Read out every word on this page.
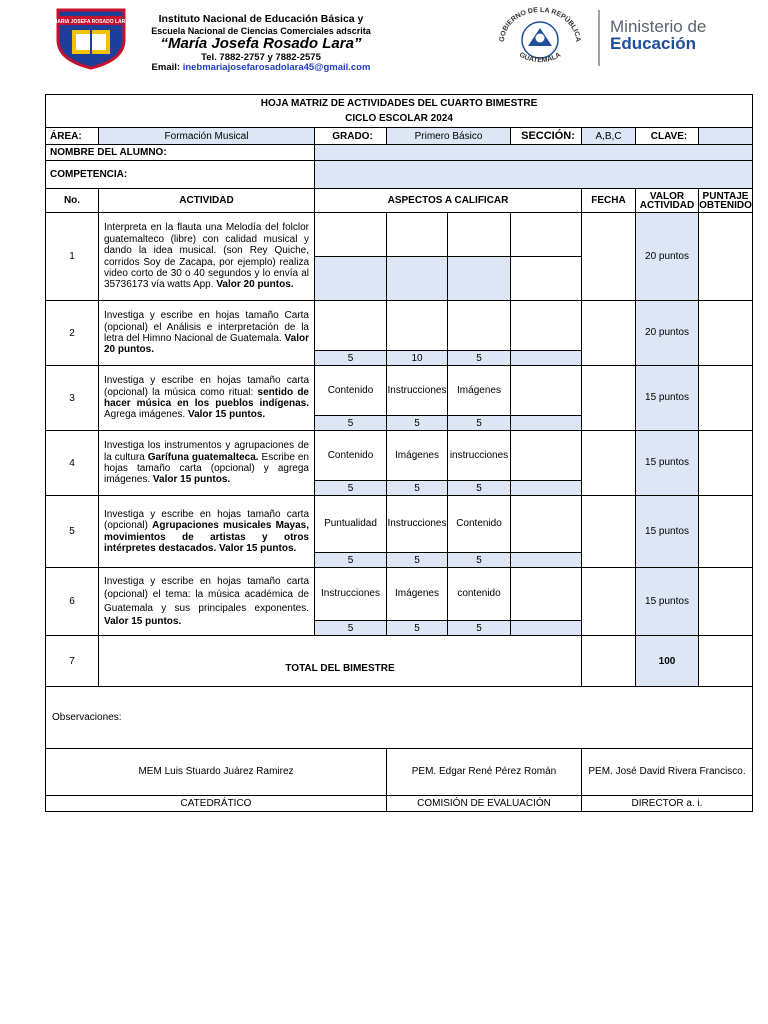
MARIA JOSEFA ROSADO LARA	Instituto Nacional de Educación Básica y
Escuela Nacional de Ciencias Comerciales adscrita
“María Josefa Rosado Lara”
Tel. 7882-2757 y 7882-2575
Email: inebmariajosefarosadolara45@gmail.com
GOBIERNO DE LA REPÚBLICA
GUATEMALA
Ministerio de
Educación
HOJA MATRIZ DE ACTIVIDADES DEL CUARTO BIMESTRE
CICLO ESCOLAR 2024								

ÁREA:	Formación Musical	GRADO:	Primero Básico		SECCIÓN:	A,B,C	CLAVE:	
NOMBRE DEL ALUMNO:								
COMPETENCIA:								
No.	ACTIVIDAD	ASPECTOS A CALIFICAR				FECHA	VALOR ACTIVIDAD	PUNTAJE OBTENIDO
1	Interpreta en la flauta una Melodía del folclor guatemalteco (libre) con calidad musical y dando la idea musical. (son Rey Quiche, corridos Soy de Zacapa, por ejemplo) realiza video corto de 30 o 40 segundos y lo envía al 35736173 vía watts App. Valor 20 puntos.						20 puntos	

2	Investiga y escribe en hojas tamaño Carta (opcional) el Análisis e interpretación de la letra del Himno Nacional de Guatemala. Valor 20 puntos.						20 puntos	
		5	10	5				
3	Investiga y escribe en hojas tamaño carta (opcional) la música como ritual: sentido de hacer música en los pueblos indígenas. Agrega imágenes. Valor 15 puntos.	Contenido	Instrucciones	Imágenes			15 puntos	
		5	5	5				
4	Investiga los instrumentos y agrupaciones de la cultura Garífuna guatemalteca. Escribe en hojas tamaño carta (opcional) y agrega imágenes. Valor 15 puntos.	Contenido	Imágenes	instrucciones			15 puntos	
		5	5	5				
5	Investiga y escribe en hojas tamaño carta (opcional) Agrupaciones musicales Mayas, movimientos de artistas y otros intérpretes destacados. Valor 15 puntos.	Puntualidad	Instrucciones	Contenido			15 puntos	
		5	5	5				
6	Investiga y escribe en hojas tamaño carta (opcional) el tema: la música académica de Guatemala y sus principales exponentes. Valor 15 puntos.	Instrucciones	Imágenes	contenido			15 puntos	
		5	5	5				
7	TOTAL DEL BIMESTRE						100	
Observaciones:								
MEM Luis Stuardo Juárez Ramirez			PEM. Edgar René Pérez Román			PEM. José David Rivera Francisco.		
CATEDRÁTICO			COMISIÓN DE EVALUACIÓN			DIRECTOR a. i.		
